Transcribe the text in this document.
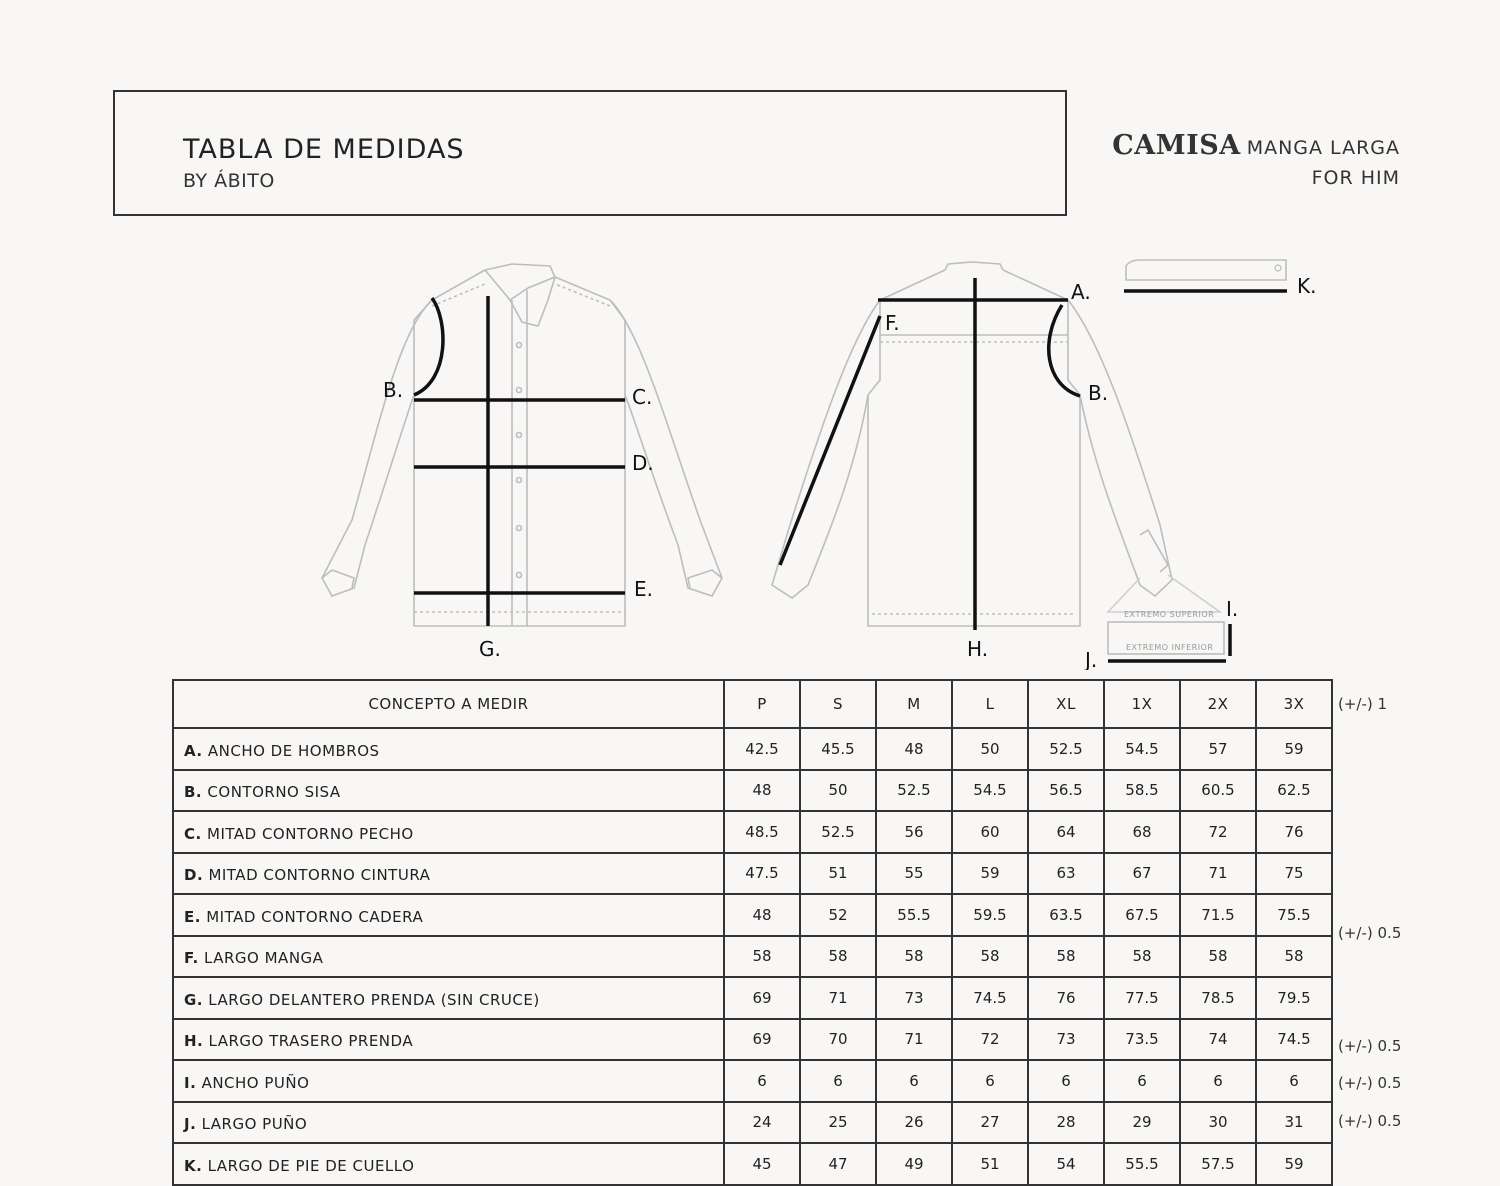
TABLA DE MEDIDAS
BY ÁBITO
CAMISA MANGA LARGA
FOR HIM
EXTREMO SUPERIOR
EXTREMO INFERIOR
B.	C.
D.
E.
G.
A.
F.
B.
H.
K.
I.
J.
CONCEPTO A MEDIR	P	S	M	L	XL	1X	2X	3X
A. ANCHO DE HOMBROS	42.5	45.5	48	50	52.5	54.5	57	59
B. CONTORNO SISA	48	50	52.5	54.5	56.5	58.5	60.5	62.5
C. MITAD CONTORNO PECHO	48.5	52.5	56	60	64	68	72	76
D. MITAD CONTORNO CINTURA	47.5	51	55	59	63	67	71	75
E. MITAD CONTORNO CADERA	48	52	55.5	59.5	63.5	67.5	71.5	75.5
F. LARGO MANGA	58	58	58	58	58	58	58	58
G. LARGO DELANTERO PRENDA (SIN CRUCE)	69	71	73	74.5	76	77.5	78.5	79.5
H. LARGO TRASERO PRENDA	69	70	71	72	73	73.5	74	74.5
I. ANCHO PUÑO	6	6	6	6	6	6	6	6
J. LARGO PUÑO	24	25	26	27	28	29	30	31
K. LARGO DE PIE DE CUELLO	45	47	49	51	54	55.5	57.5	59
(+/-) 1
(+/-) 0.5
(+/-) 0.5
(+/-) 0.5
(+/-) 0.5
